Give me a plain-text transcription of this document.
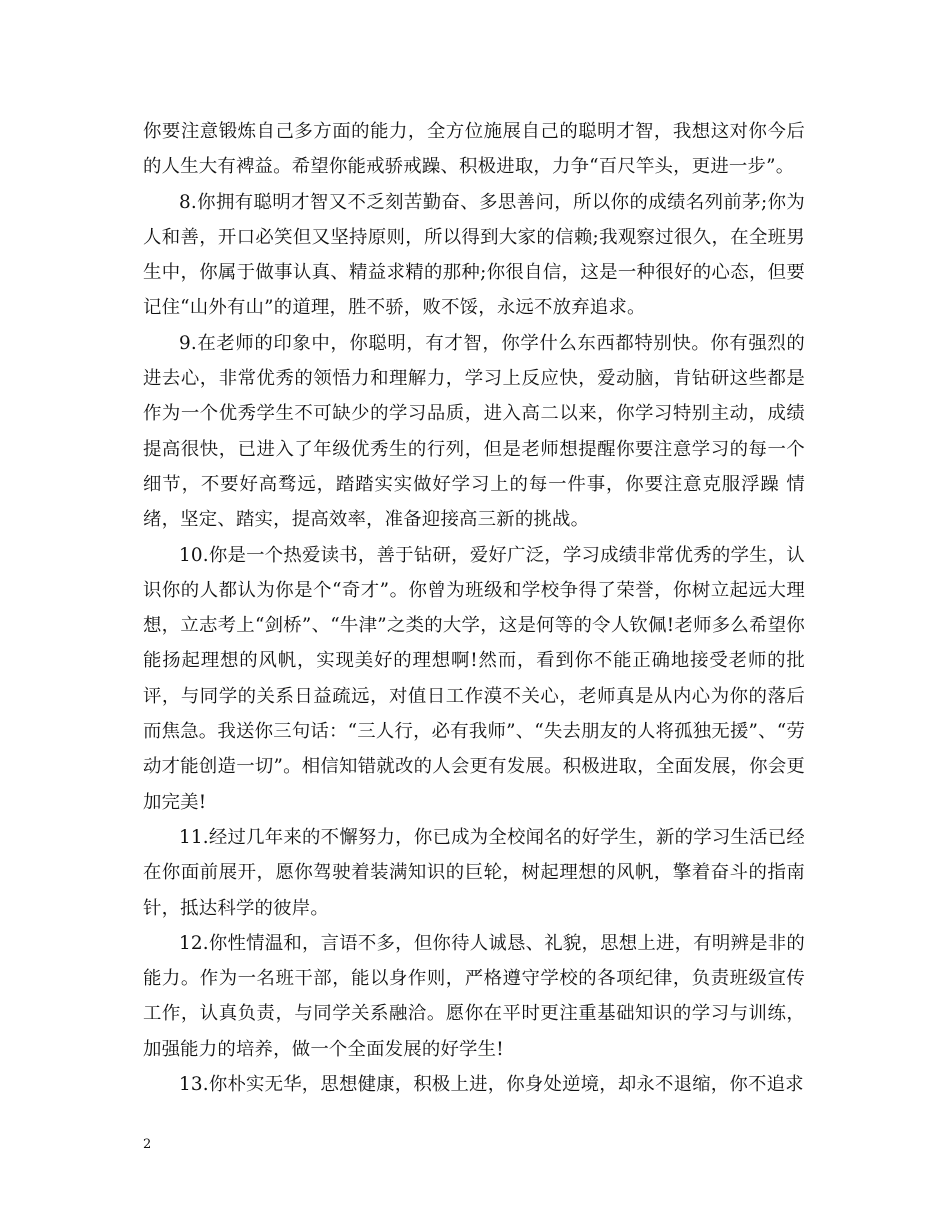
你要注意锻炼自己多方面的能力，全方位施展自己的聪明才智，我想这对你今后的人生大有裨益。希望你能戒骄戒躁、积极进取，力争“百尺竿头，更进一步”。

8.你拥有聪明才智又不乏刻苦勤奋、多思善问，所以你的成绩名列前茅;你为人和善，开口必笑但又坚持原则，所以得到大家的信赖;我观察过很久，在全班男生中，你属于做事认真、精益求精的那种;你很自信，这是一种很好的心态，但要记住“山外有山”的道理，胜不骄，败不馁，永远不放弃追求。

9.在老师的印象中，你聪明，有才智，你学什么东西都特别快。你有强烈的进去心，非常优秀的领悟力和理解力，学习上反应快，爱动脑，肯钻研这些都是作为一个优秀学生不可缺少的学习品质，进入高二以来，你学习特别主动，成绩提高很快，已进入了年级优秀生的行列，但是老师想提醒你要注意学习的每一个细节，不要好高骛远，踏踏实实做好学习上的每一件事，你要注意克服浮躁 情绪，坚定、踏实，提高效率，准备迎接高三新的挑战。

10.你是一个热爱读书，善于钻研，爱好广泛，学习成绩非常优秀的学生，认识你的人都认为你是个“奇才”。你曾为班级和学校争得了荣誉，你树立起远大理想，立志考上“剑桥”、“牛津”之类的大学，这是何等的令人钦佩!老师多么希望你能扬起理想的风帆，实现美好的理想啊!然而，看到你不能正确地接受老师的批评，与同学的关系日益疏远，对值日工作漠不关心，老师真是从内心为你的落后而焦急。我送你三句话：“三人行，必有我师”、“失去朋友的人将孤独无援”、“劳动才能创造一切”。相信知错就改的人会更有发展。积极进取，全面发展，你会更加完美!

11.经过几年来的不懈努力，你已成为全校闻名的好学生，新的学习生活已经在你面前展开，愿你驾驶着装满知识的巨轮，树起理想的风帆，擎着奋斗的指南针，抵达科学的彼岸。

12.你性情温和，言语不多，但你待人诚恳、礼貌，思想上进，有明辨是非的能力。作为一名班干部，能以身作则，严格遵守学校的各项纪律，负责班级宣传工作，认真负责，与同学关系融洽。愿你在平时更注重基础知识的学习与训练，加强能力的培养，做一个全面发展的好学生!

13.你朴实无华，思想健康，积极上进，你身处逆境，却永不退缩，你不追求

2
